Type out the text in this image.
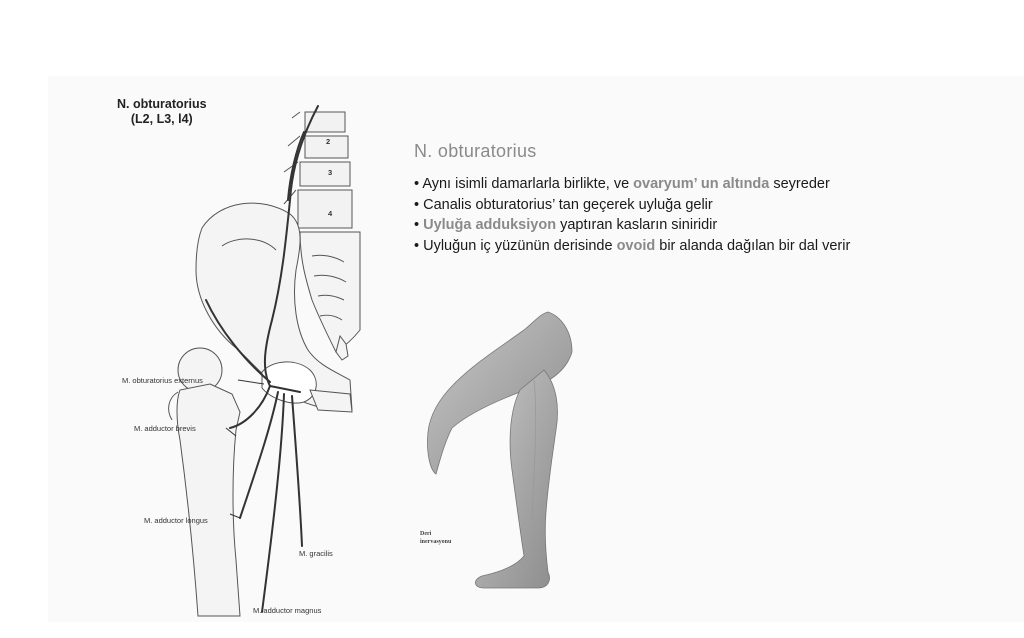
N. obturatorius
(L2, L3, l4)
2
3
4
M. obturatorius externus
M. adductor brevis
M. adductor longus
M. gracilis
M. adductor magnus
N. obturatorius
• Aynı isimli damarlarla birlikte, ve ovaryum’ un altında seyreder
• Canalis obturatorius’ tan geçerek uyluğa gelir
• Uyluğa adduksiyon yaptıran kasların siniridir
• Uyluğun iç yüzünün derisinde ovoid bir alanda dağılan bir dal verir
Deri
inervasyonu
